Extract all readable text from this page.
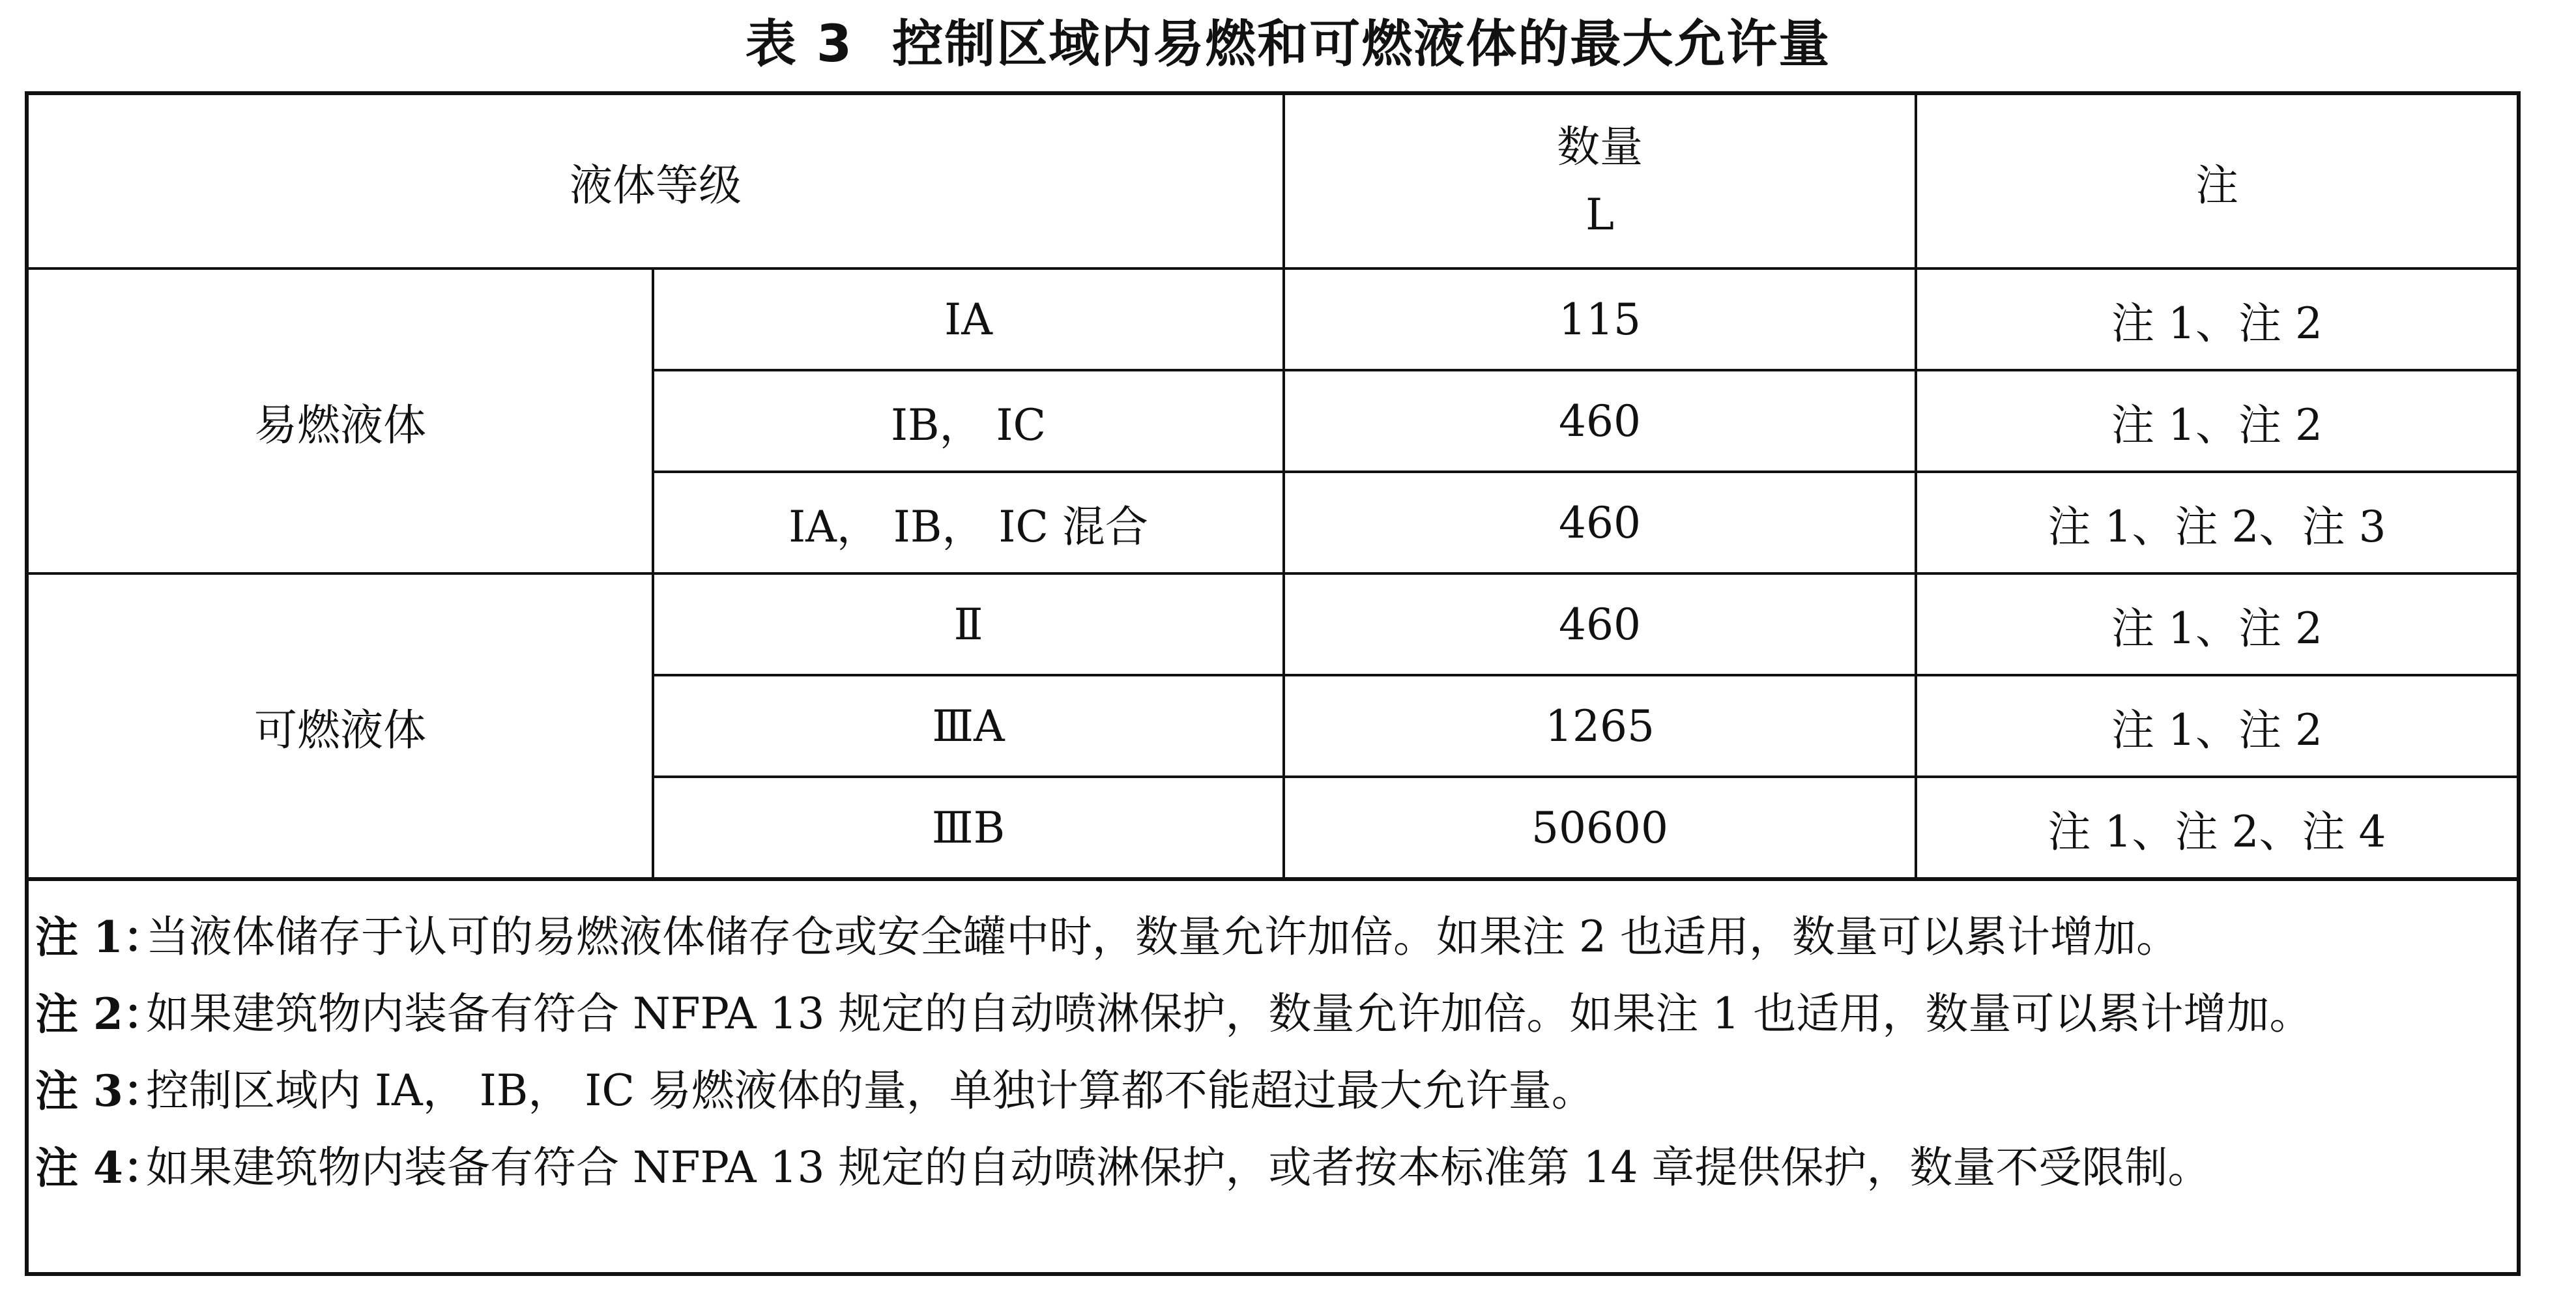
表 3 控制区域内易燃和可燃液体的最大允许量
液体等级		数量
L	注
易燃液体	IA	115	注 1、注 2
	IB， IC	460	注 1、注 2
	IA， IB， IC 混合	460	注 1、注 2、注 3
可燃液体	Ⅱ	460	注 1、注 2
	ⅢA	1265	注 1、注 2
	ⅢB	50600	注 1、注 2、注 4
注 1：
当液体储存于认可的易燃液体储存仓或安全罐中时，数量允许加倍。如果注 2 也适用，数量可以累计增加。
注 2：
如果建筑物内装备有符合 NFPA 13 规定的自动喷淋保护，数量允许加倍。如果注 1 也适用，数量可以累计增加。
注 3：
控制区域内 IA， IB， IC 易燃液体的量，单独计算都不能超过最大允许量。
注 4：
如果建筑物内装备有符合 NFPA 13 规定的自动喷淋保护，或者按本标准第 14 章提供保护，数量不受限制。
